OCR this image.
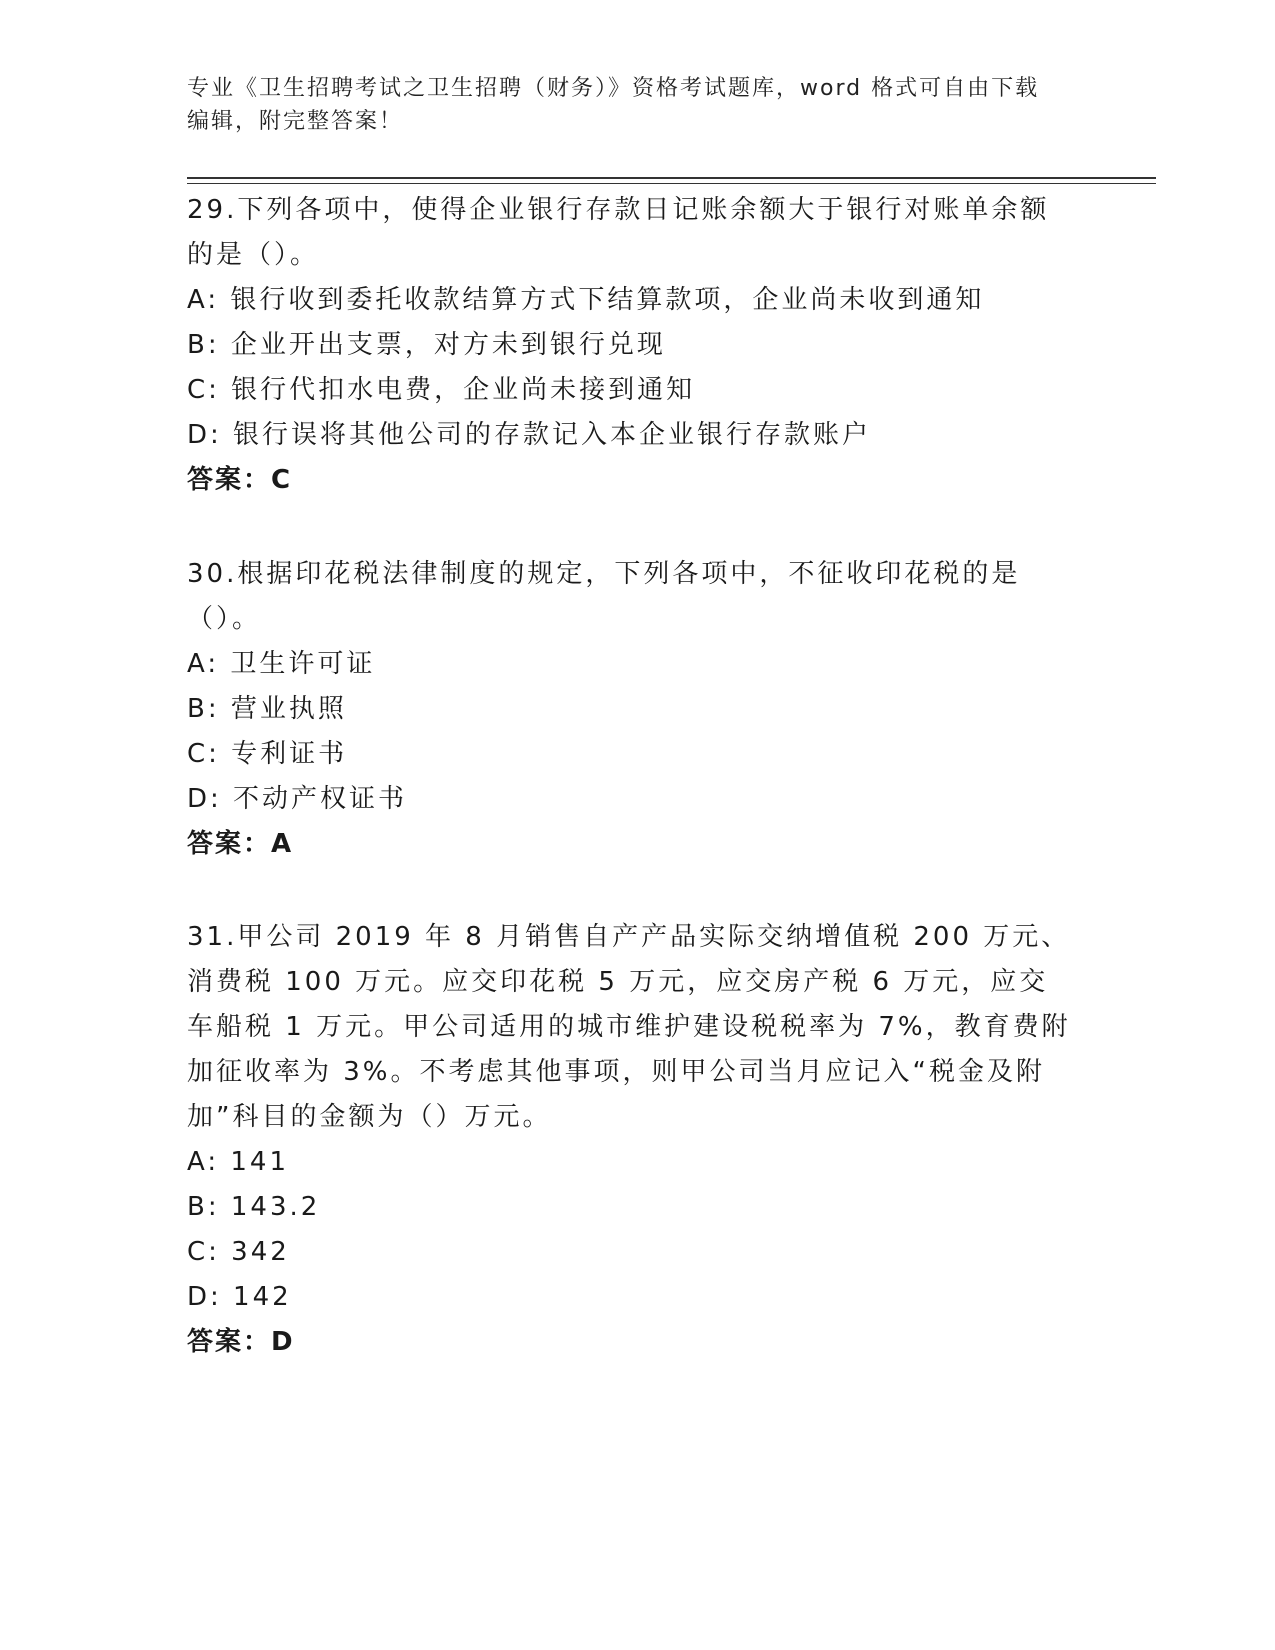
专业《卫生招聘考试之卫生招聘（财务）》资格考试题库，word 格式可自由下载
编辑，附完整答案！

29.下列各项中，使得企业银行存款日记账余额大于银行对账单余额的是（）。

A: 银行收到委托收款结算方式下结算款项，企业尚未收到通知

B: 企业开出支票，对方未到银行兑现

C: 银行代扣水电费，企业尚未接到通知

D: 银行误将其他公司的存款记入本企业银行存款账户

答案：C

30.根据印花税法律制度的规定，下列各项中，不征收印花税的是（）。

A: 卫生许可证

B: 营业执照

C: 专利证书

D: 不动产权证书

答案：A

31.甲公司 2019 年 8 月销售自产产品实际交纳增值税 200 万元、消费税 100 万元。应交印花税 5 万元，应交房产税 6 万元，应交车船税 1 万元。甲公司适用的城市维护建设税税率为 7%，教育费附加征收率为 3%。不考虑其他事项，则甲公司当月应记入“税金及附加”科目的金额为（）万元。

A: 141

B: 143.2

C: 342

D: 142

答案：D
